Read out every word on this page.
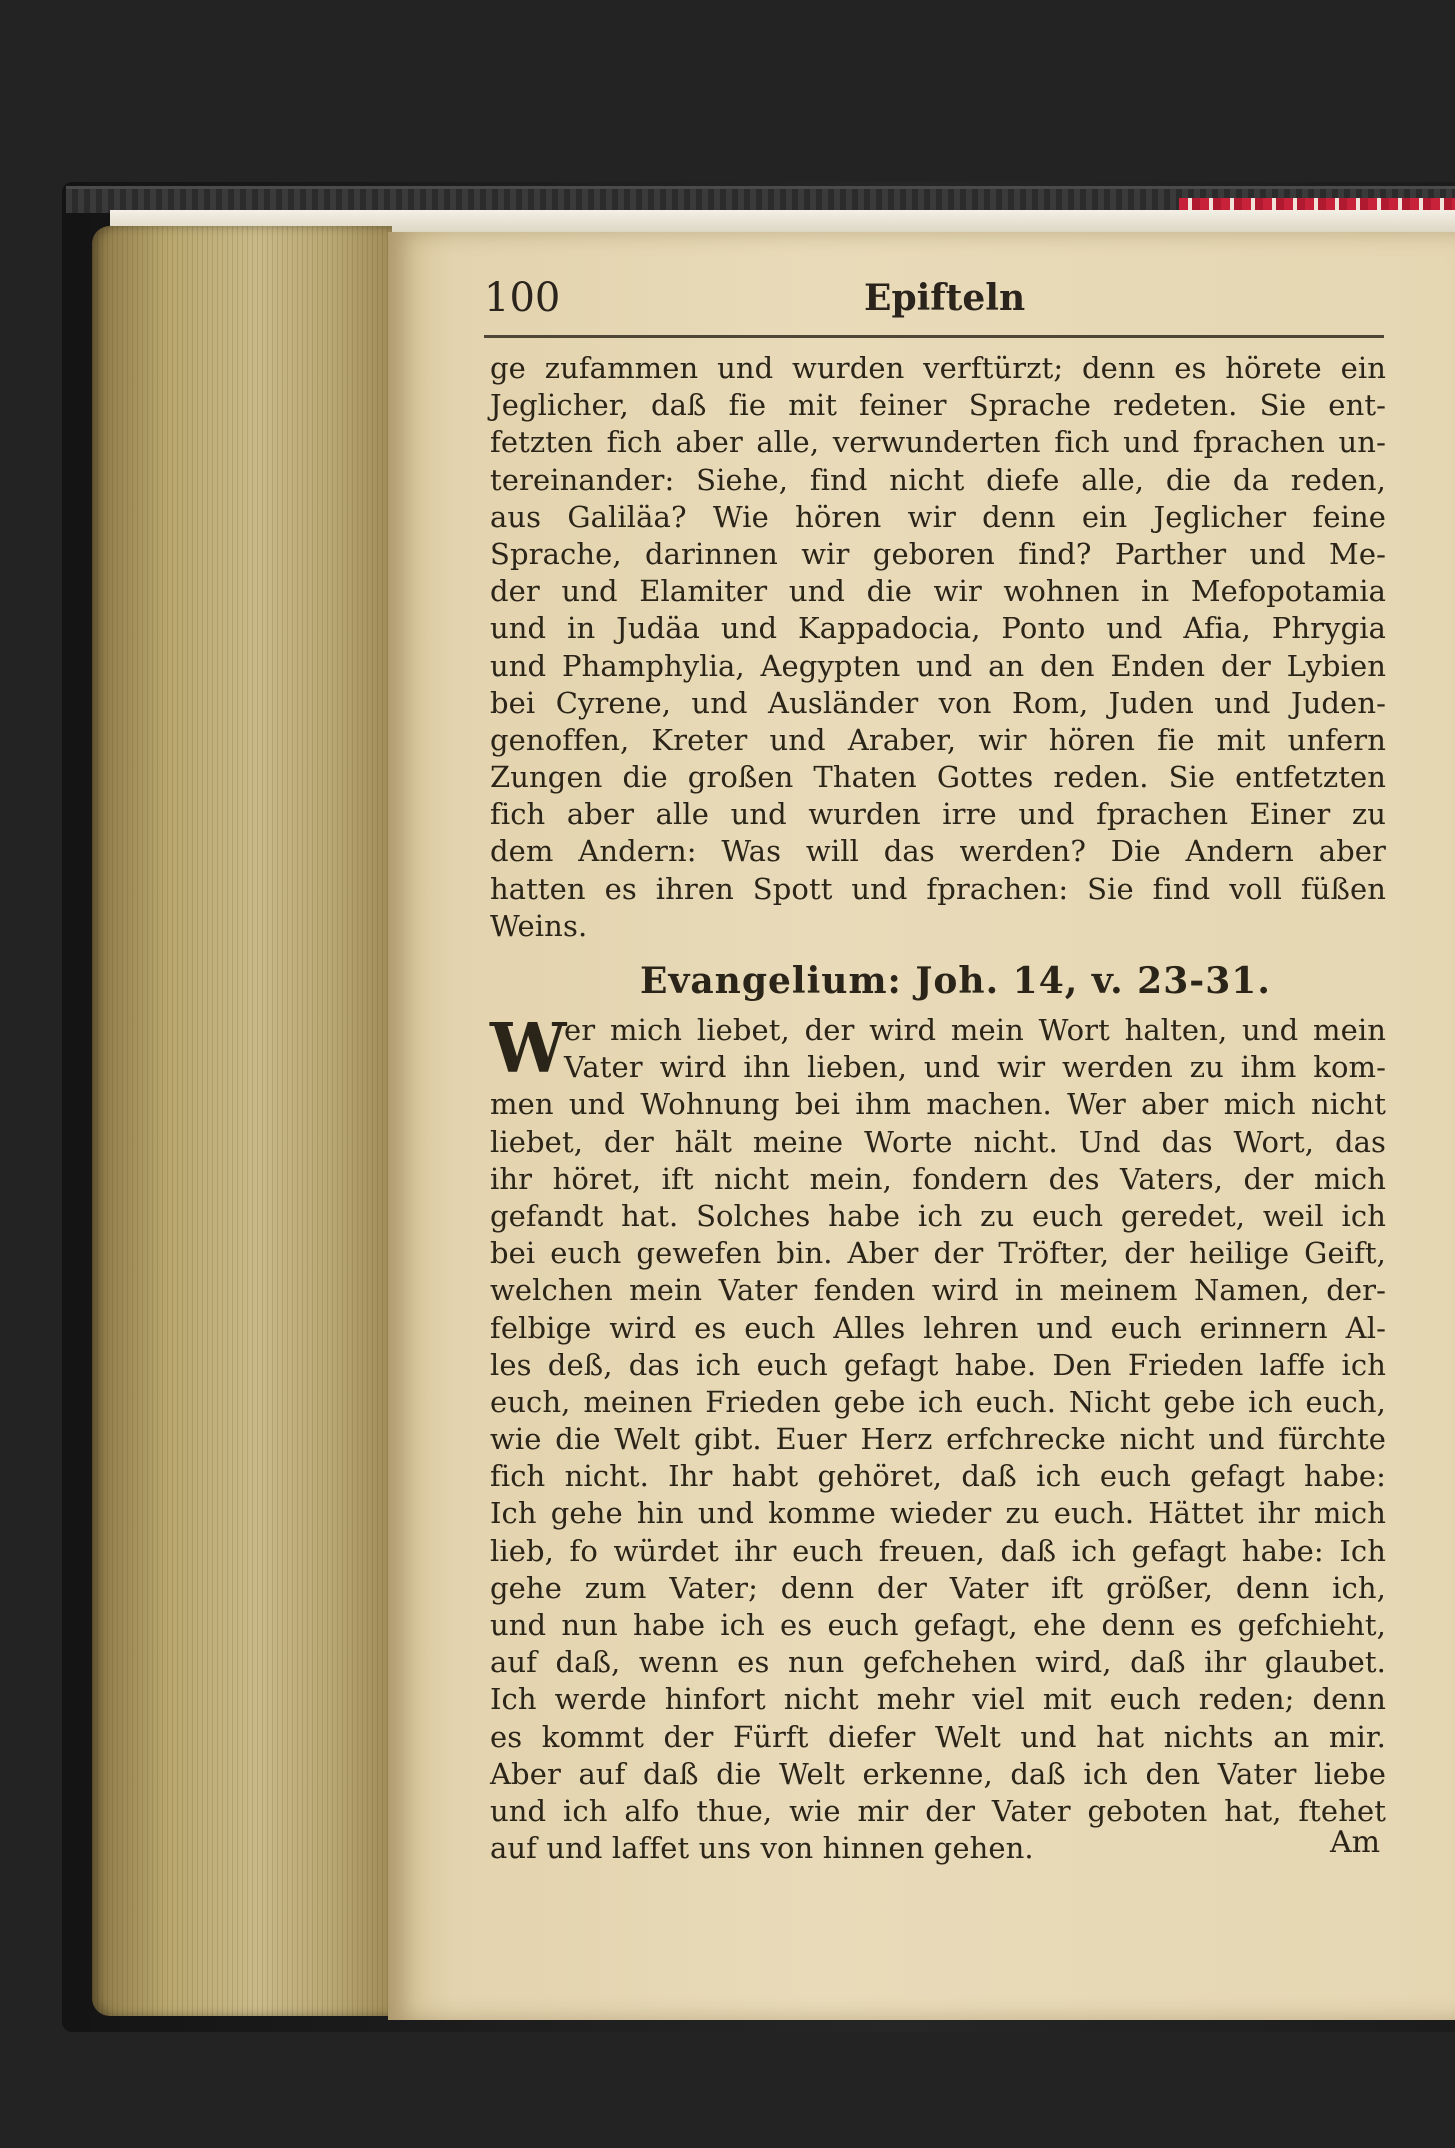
100	Epifteln
ge zufammen und wurden verftürzt; denn es hörete ein
Jeglicher, daß fie mit feiner Sprache redeten. Sie ent-
fetzten fich aber alle, verwunderten fich und fprachen un-
tereinander: Siehe, find nicht diefe alle, die da reden,
aus Galiläa? Wie hören wir denn ein Jeglicher feine
Sprache, darinnen wir geboren find? Parther und Me-
der und Elamiter und die wir wohnen in Mefopotamia
und in Judäa und Kappadocia, Ponto und Afia, Phrygia
und Phamphylia, Aegypten und an den Enden der Lybien
bei Cyrene, und Ausländer von Rom, Juden und Juden-
genoffen, Kreter und Araber, wir hören fie mit unfern
Zungen die großen Thaten Gottes reden. Sie entfetzten
fich aber alle und wurden irre und fprachen Einer zu
dem Andern: Was will das werden? Die Andern aber
hatten es ihren Spott und fprachen: Sie find voll füßen
Weins.
Evangelium: Joh. 14, v. 23-31.
W
er mich liebet, der wird mein Wort halten, und mein
Vater wird ihn lieben, und wir werden zu ihm kom-
men und Wohnung bei ihm machen. Wer aber mich nicht
liebet, der hält meine Worte nicht. Und das Wort, das
ihr höret, ift nicht mein, fondern des Vaters, der mich
gefandt hat. Solches habe ich zu euch geredet, weil ich
bei euch gewefen bin. Aber der Tröfter, der heilige Geift,
welchen mein Vater fenden wird in meinem Namen, der-
felbige wird es euch Alles lehren und euch erinnern Al-
les deß, das ich euch gefagt habe. Den Frieden laffe ich
euch, meinen Frieden gebe ich euch. Nicht gebe ich euch,
wie die Welt gibt. Euer Herz erfchrecke nicht und fürchte
fich nicht. Ihr habt gehöret, daß ich euch gefagt habe:
Ich gehe hin und komme wieder zu euch. Hättet ihr mich
lieb, fo würdet ihr euch freuen, daß ich gefagt habe: Ich
gehe zum Vater; denn der Vater ift größer, denn ich,
und nun habe ich es euch gefagt, ehe denn es gefchieht,
auf daß, wenn es nun gefchehen wird, daß ihr glaubet.
Ich werde hinfort nicht mehr viel mit euch reden; denn
es kommt der Fürft diefer Welt und hat nichts an mir.
Aber auf daß die Welt erkenne, daß ich den Vater liebe
und ich alfo thue, wie mir der Vater geboten hat, ftehet
auf und laffet uns von hinnen gehen.	Am
